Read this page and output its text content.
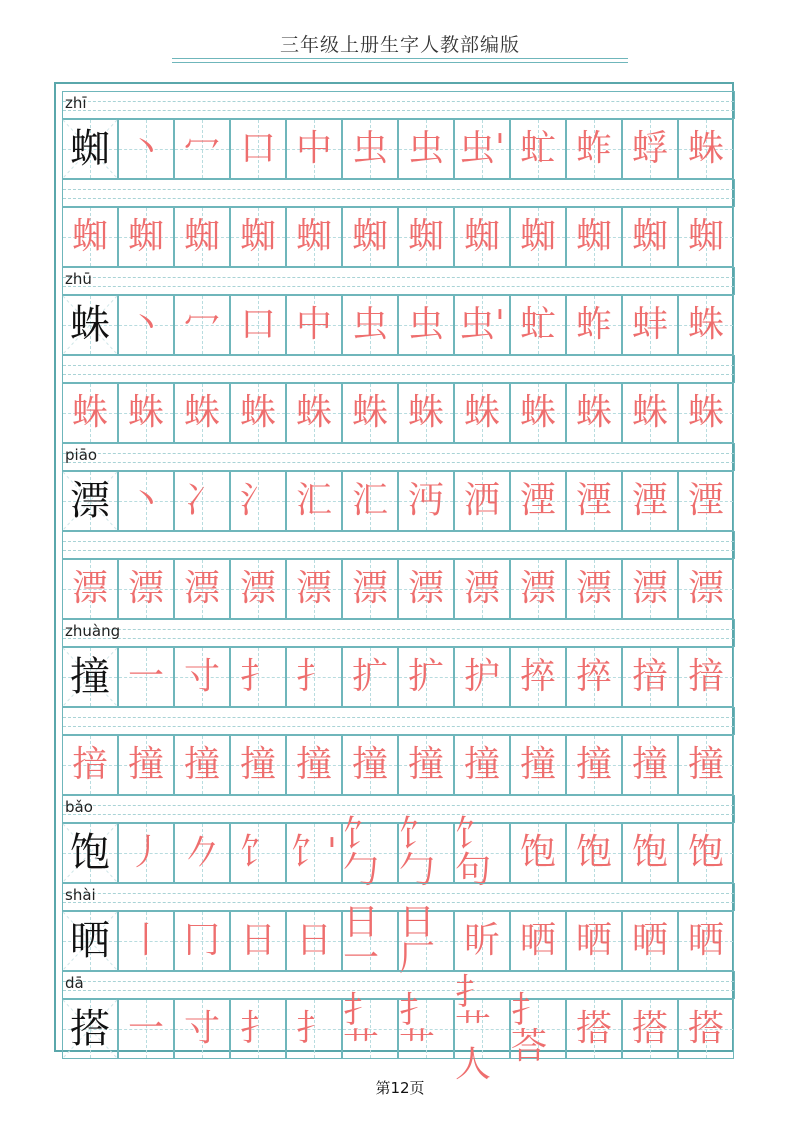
三年级上册生字人教部编版
zhī
蜘 丶 冖 口 中 虫 虫 虫' 虻 蚱 蜉 蛛
蜘 蜘 蜘 蜘 蜘 蜘 蜘 蜘 蜘 蜘 蜘 蜘
zhū
蛛 丶 冖 口 中 虫 虫 虫' 虻 蚱 蚌 蛛
蛛 蛛 蛛 蛛 蛛 蛛 蛛 蛛 蛛 蛛 蛛 蛛
piāo
漂 丶 冫 氵 汇 汇 沔 洒 湮 湮 湮 湮
漂 漂 漂 漂 漂 漂 漂 漂 漂 漂 漂 漂
zhuàng
撞 一 寸 扌 扌 扩 扩 护 捽 捽 揞 揞
揞 撞 撞 撞 撞 撞 撞 撞 撞 撞 撞 撞
bǎo
饱 丿 𠂊 饣 饣' 饣勹
饣勹
饣句 饱 饱 饱 饱
shài
晒 丨 冂 日 日 日一
日厂 昕 晒 晒 晒 晒
dā
搭 一 寸 扌 扌 扌艹
扌艹
扌艹人
扌荅 搭 搭 搭
第12页
